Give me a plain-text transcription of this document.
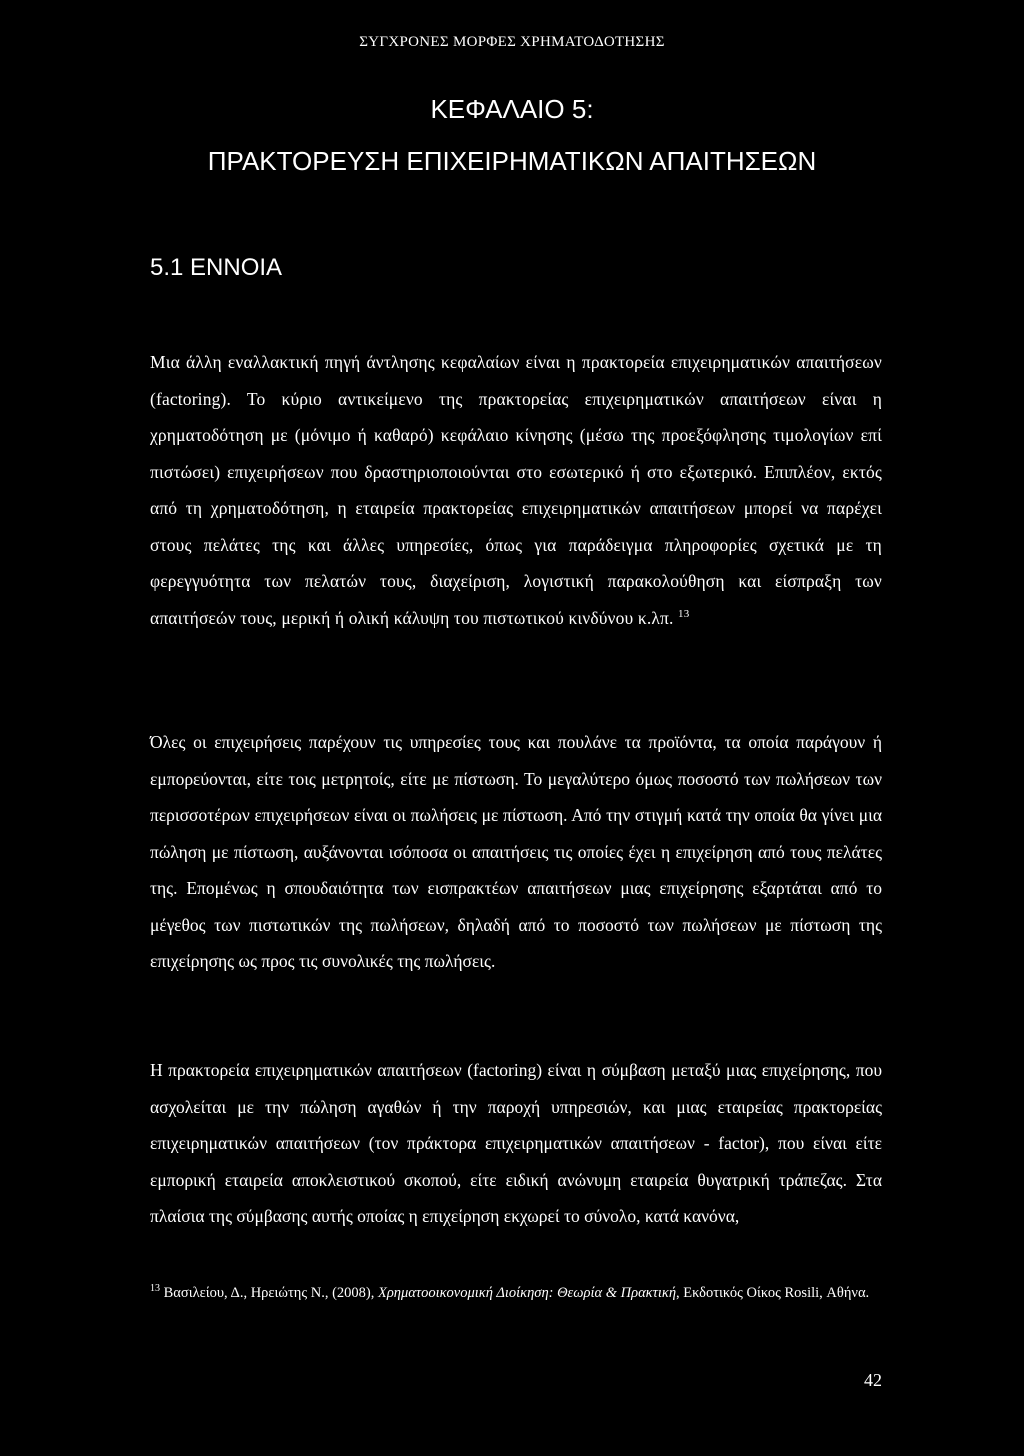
ΣΥΓΧΡΟΝΕΣ ΜΟΡΦΕΣ ΧΡΗΜΑΤΟΔΟΤΗΣΗΣ
ΚΕΦΑΛΑΙΟ 5:
ΠΡΑΚΤΟΡΕΥΣΗ ΕΠΙΧΕΙΡΗΜΑΤΙΚΩΝ ΑΠΑΙΤΗΣΕΩΝ
5.1 ΕΝΝΟΙΑ

Μια άλλη εναλλακτική πηγή άντλησης κεφαλαίων είναι η πρακτορεία επιχειρηματικών απαιτήσεων (factoring). Το κύριο αντικείμενο της πρακτορείας επιχειρηματικών απαιτήσεων είναι η χρηματοδότηση με (μόνιμο ή καθαρό) κεφάλαιο κίνησης (μέσω της προεξόφλησης τιμολογίων επί πιστώσει) επιχειρήσεων που δραστηριοποιούνται στο εσωτερικό ή στο εξωτερικό. Επιπλέον, εκτός από τη χρηματοδότηση, η εταιρεία πρακτορείας επιχειρηματικών απαιτήσεων μπορεί να παρέχει στους πελάτες της και άλλες υπηρεσίες, όπως για παράδειγμα πληροφορίες σχετικά με τη φερεγγυότητα των πελατών τους, διαχείριση, λογιστική παρακολούθηση και είσπραξη των απαιτήσεών τους, μερική ή ολική κάλυψη του πιστωτικού κινδύνου κ.λπ. $^{13}$

Όλες οι επιχειρήσεις παρέχουν τις υπηρεσίες τους και πουλάνε τα προϊόντα, τα οποία παράγουν ή εμπορεύονται, είτε τοις μετρητοίς, είτε με πίστωση. Το μεγαλύτερο όμως ποσοστό των πωλήσεων των περισσοτέρων επιχειρήσεων είναι οι πωλήσεις με πίστωση. Από την στιγμή κατά την οποία θα γίνει μια πώληση με πίστωση, αυξάνονται ισόποσα οι απαιτήσεις τις οποίες έχει η επιχείρηση από τους πελάτες της. Επομένως η σπουδαιότητα των εισπρακτέων απαιτήσεων μιας επιχείρησης εξαρτάται από το μέγεθος των πιστωτικών της πωλήσεων, δηλαδή από το ποσοστό των πωλήσεων με πίστωση της επιχείρησης ως προς τις συνολικές της πωλήσεις.

Η πρακτορεία επιχειρηματικών απαιτήσεων (factoring) είναι η σύμβαση μεταξύ μιας επιχείρησης, που ασχολείται με την πώληση αγαθών ή την παροχή υπηρεσιών, και μιας εταιρείας πρακτορείας επιχειρηματικών απαιτήσεων (τον πράκτορα επιχειρηματικών απαιτήσεων - factor), που είναι είτε εμπορική εταιρεία αποκλειστικού σκοπού, είτε ειδική ανώνυμη εταιρεία θυγατρική τράπεζας. Στα πλαίσια της σύμβασης αυτής οποίας η επιχείρηση εκχωρεί το σύνολο, κατά κανόνα,

$^{13}$ Βασιλείου, Δ., Ηρειώτης Ν., (2008), Χρηματοοικονομική Διοίκηση: Θεωρία & Πρακτική, Εκδοτικός Οίκος Rosili, Αθήνα.

42
